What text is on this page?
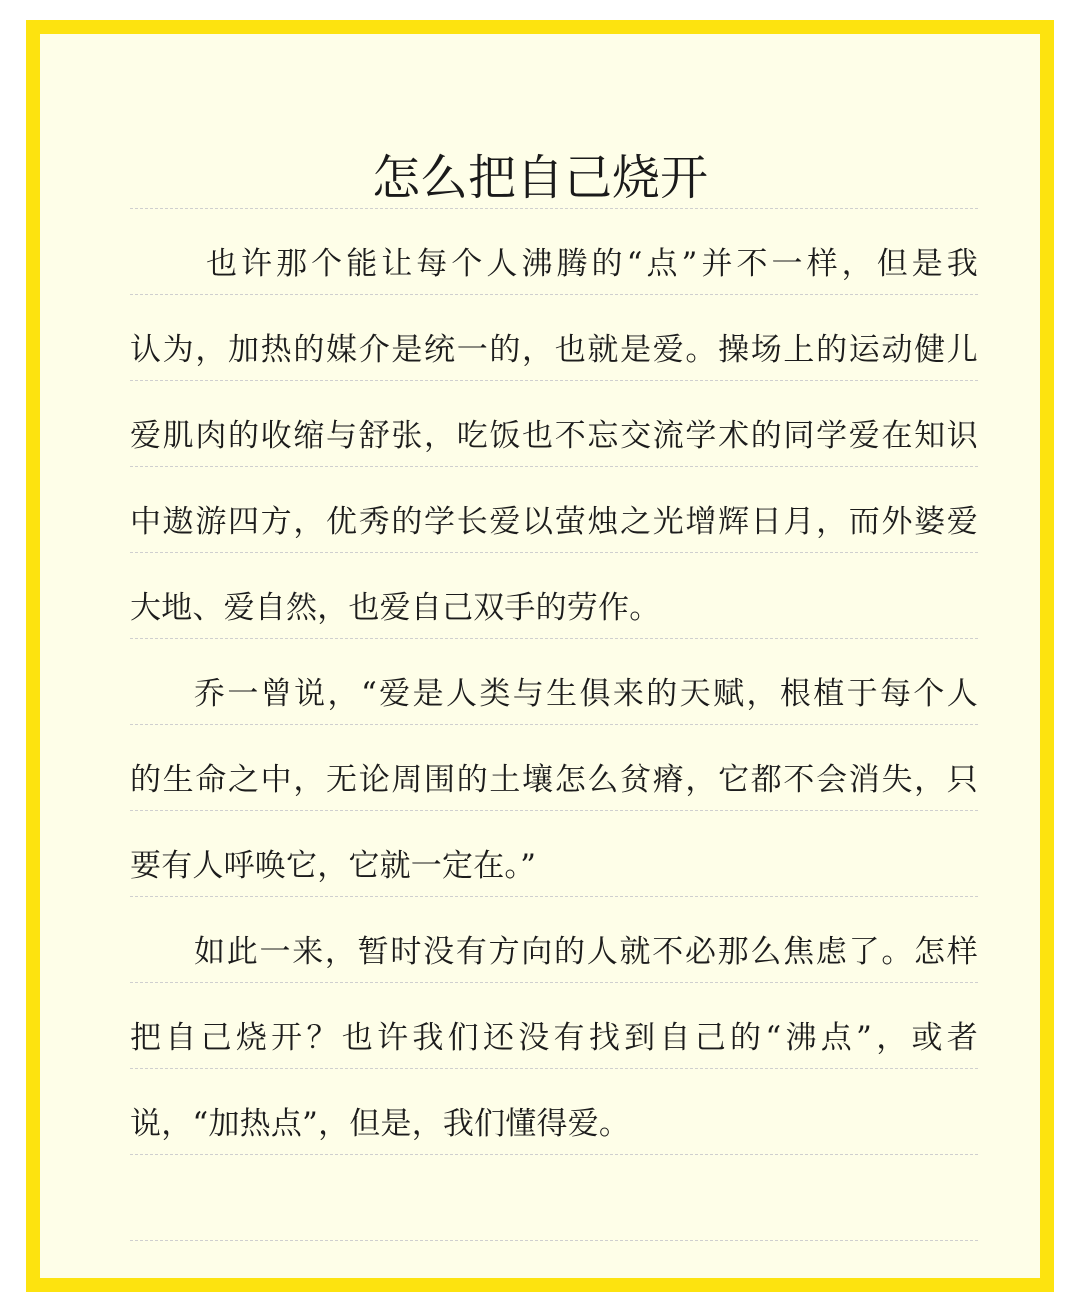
怎么把自己烧开

也许那个能让每个人沸腾的“点”并不一样，但是我

认为，加热的媒介是统一的，也就是爱。操场上的运动健儿

爱肌肉的收缩与舒张，吃饭也不忘交流学术的同学爱在知识

中遨游四方，优秀的学长爱以萤烛之光增辉日月，而外婆爱

大地、爱自然，也爱自己双手的劳作。

乔一曾说，“爱是人类与生俱来的天赋，根植于每个人

的生命之中，无论周围的土壤怎么贫瘠，它都不会消失，只

要有人呼唤它，它就一定在。”

如此一来，暂时没有方向的人就不必那么焦虑了。怎样

把自己烧开？也许我们还没有找到自己的“沸点”，或者

说，“加热点”，但是，我们懂得爱。
